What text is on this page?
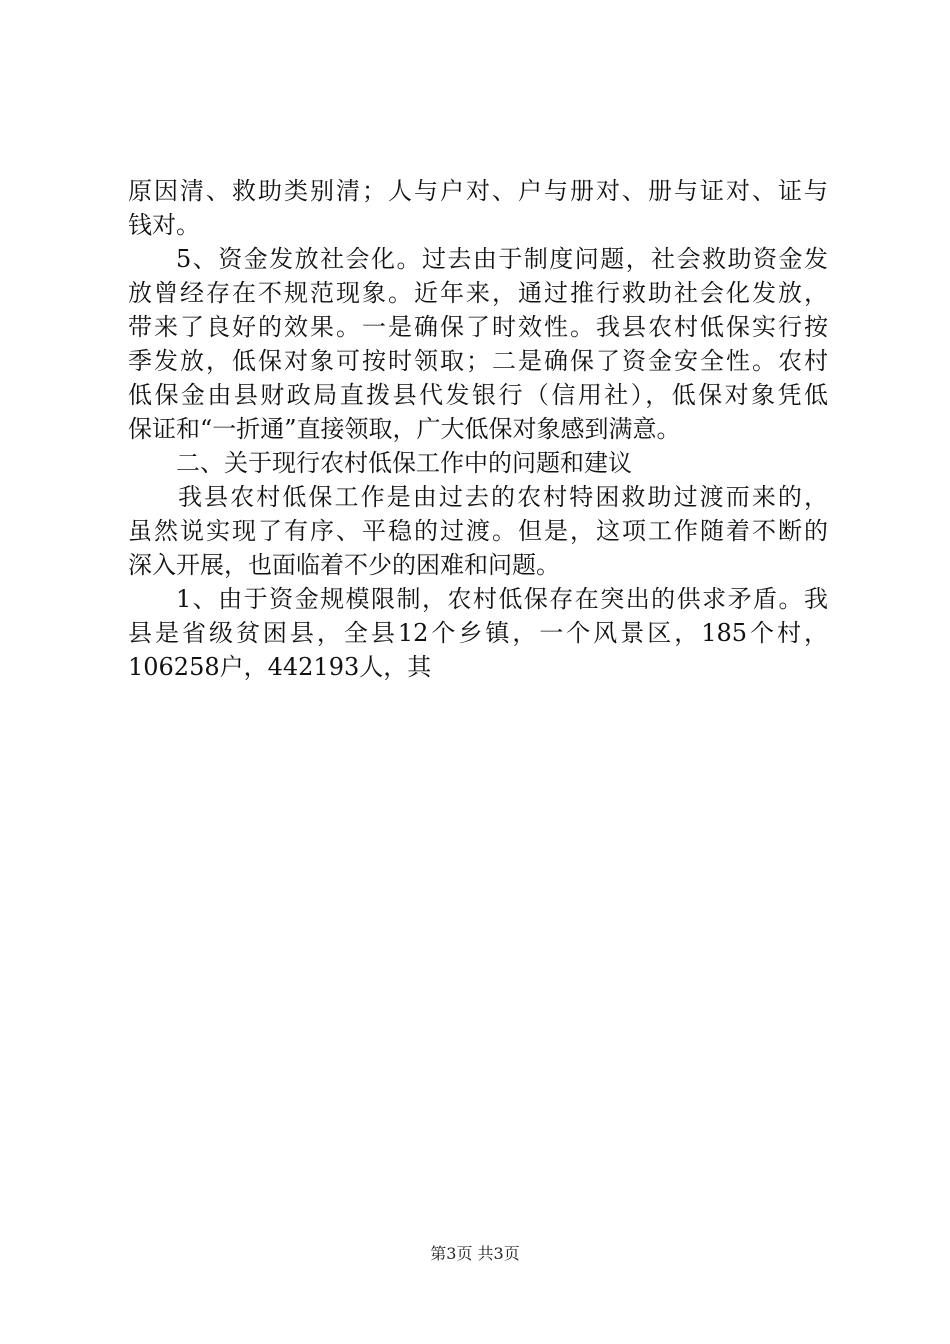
原因清、救助类别清；人与户对、户与册对、册与证对、证与
钱对。
5、资金发放社会化。过去由于制度问题，社会救助资金发
放曾经存在不规范现象。近年来，通过推行救助社会化发放，
带来了良好的效果。一是确保了时效性。我县农村低保实行按
季发放，低保对象可按时领取；二是确保了资金安全性。农村
低保金由县财政局直拨县代发银行（信用社），低保对象凭低
保证和“一折通”直接领取，广大低保对象感到满意。
二、关于现行农村低保工作中的问题和建议
我县农村低保工作是由过去的农村特困救助过渡而来的，
虽然说实现了有序、平稳的过渡。但是，这项工作随着不断的
深入开展，也面临着不少的困难和问题。
1、由于资金规模限制，农村低保存在突出的供求矛盾。我
县是省级贫困县，全县12个乡镇，一个风景区，185个村，
106258户，442193人，其
第3页 共3页
